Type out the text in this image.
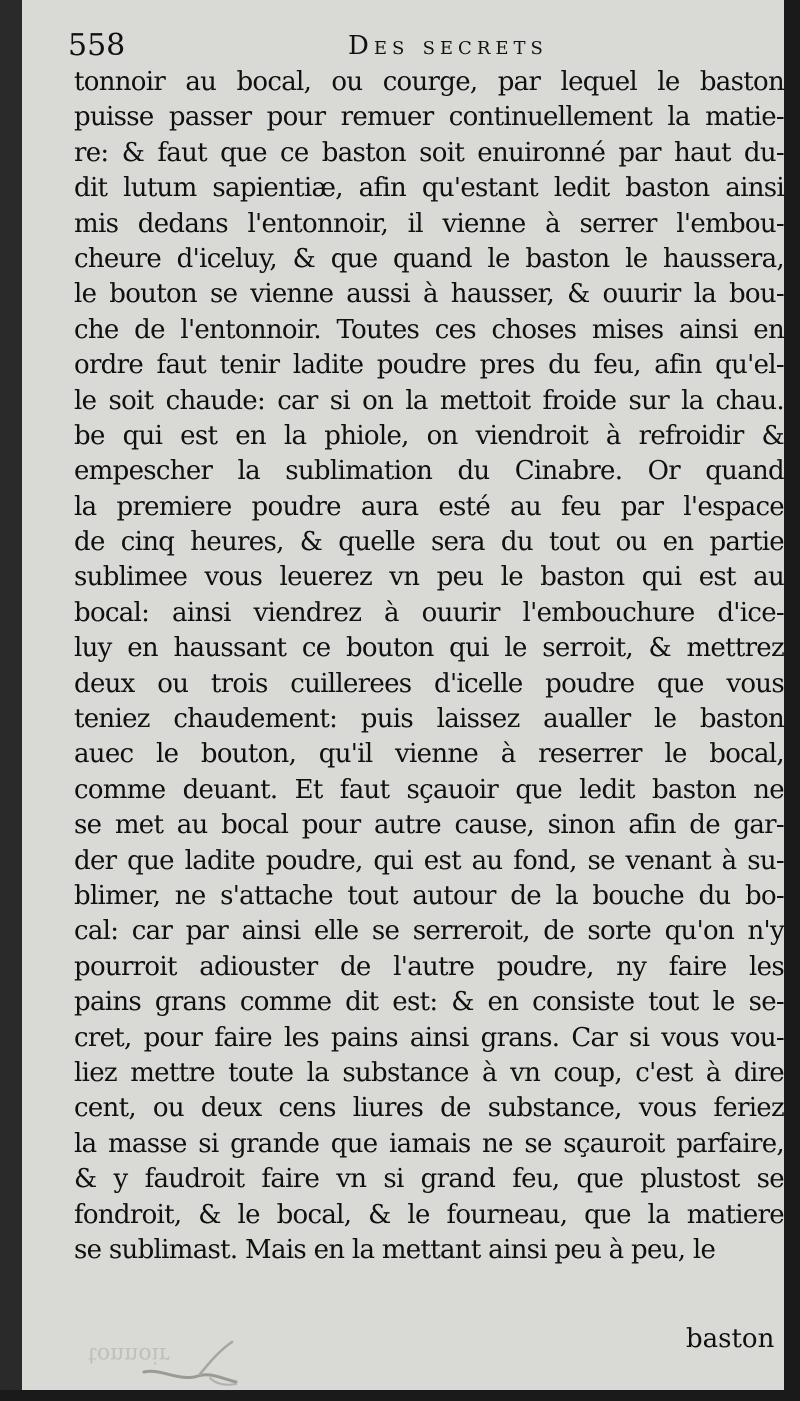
558	Des secrets
tonnoir au bocal, ou courge, par lequel le baston
puisse passer pour remuer continuellement la matie-
re: & faut que ce baston soit enuironné par haut du-
dit lutum sapientiæ, afin qu'estant ledit baston ainsi
mis dedans l'entonnoir, il vienne à serrer l'embou-
cheure d'iceluy, & que quand le baston le haussera,
le bouton se vienne aussi à hausser, & ouurir la bou-
che de l'entonnoir. Toutes ces choses mises ainsi en
ordre faut tenir ladite poudre pres du feu, afin qu'el-
le soit chaude: car si on la mettoit froide sur la chau.
be qui est en la phiole, on viendroit à refroidir &
empescher la sublimation du Cinabre. Or quand
la premiere poudre aura esté au feu par l'espace
de cinq heures, & quelle sera du tout ou en partie
sublimee vous leuerez vn peu le baston qui est au
bocal: ainsi viendrez à ouurir l'embouchure d'ice-
luy en haussant ce bouton qui le serroit, & mettrez
deux ou trois cuillerees d'icelle poudre que vous
teniez chaudement: puis laissez aualler le baston
auec le bouton, qu'il vienne à reserrer le bocal,
comme deuant. Et faut sçauoir que ledit baston ne
se met au bocal pour autre cause, sinon afin de gar-
der que ladite poudre, qui est au fond, se venant à su-
blimer, ne s'attache tout autour de la bouche du bo-
cal: car par ainsi elle se serreroit, de sorte qu'on n'y
pourroit adiouster de l'autre poudre, ny faire les
pains grans comme dit est: & en consiste tout le se-
cret, pour faire les pains ainsi grans. Car si vous vou-
liez mettre toute la substance à vn coup, c'est à dire
cent, ou deux cens liures de substance, vous feriez
la masse si grande que iamais ne se sçauroit parfaire,
& y faudroit faire vn si grand feu, que plustost se
fondroit, & le bocal, & le fourneau, que la matiere
se sublimast. Mais en la mettant ainsi peu à peu, le
baston
tonnoir
